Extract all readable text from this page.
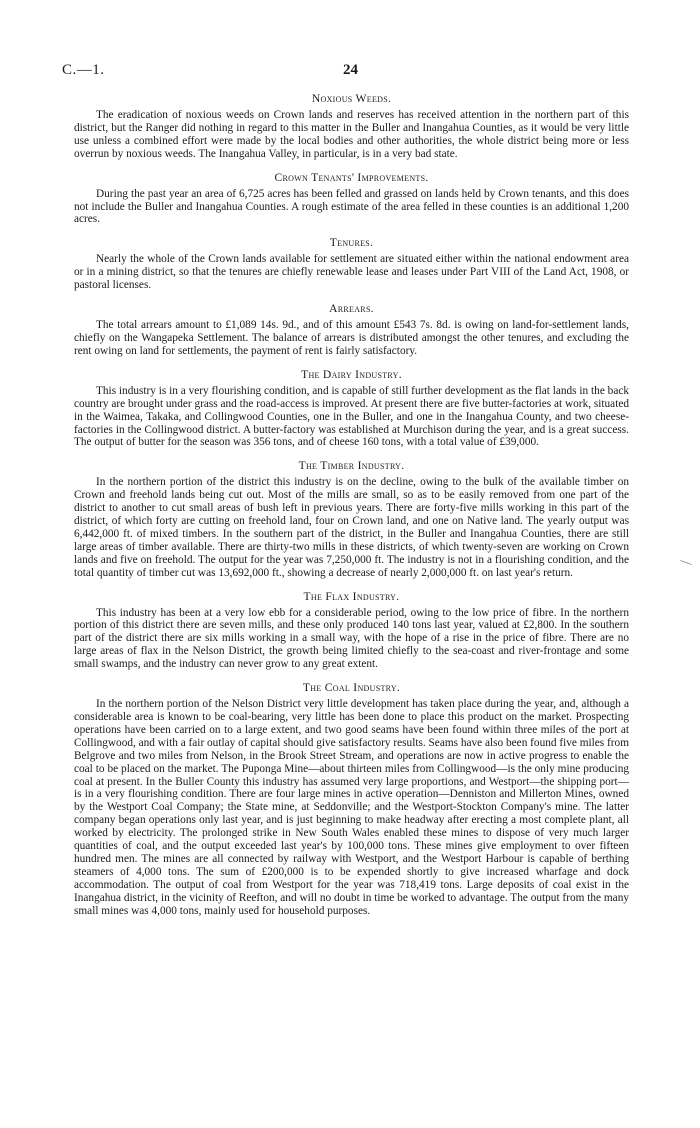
C.—1.	24
Noxious Weeds.

The eradication of noxious weeds on Crown lands and reserves has received attention in the northern part of this district, but the Ranger did nothing in regard to this matter in the Buller and Inangahua Counties, as it would be very little use unless a combined effort were made by the local bodies and other authorities, the whole district being more or less overrun by noxious weeds. The Inangahua Valley, in particular, is in a very bad state.

Crown Tenants' Improvements.

During the past year an area of 6,725 acres has been felled and grassed on lands held by Crown tenants, and this does not include the Buller and Inangahua Counties. A rough estimate of the area felled in these counties is an additional 1,200 acres.

Tenures.

Nearly the whole of the Crown lands available for settlement are situated either within the national endowment area or in a mining district, so that the tenures are chiefly renewable lease and leases under Part VIII of the Land Act, 1908, or pastoral licenses.

Arrears.

The total arrears amount to £1,089 14s. 9d., and of this amount £543 7s. 8d. is owing on land-for-settlement lands, chiefly on the Wangapeka Settlement. The balance of arrears is distributed amongst the other tenures, and excluding the rent owing on land for settlements, the payment of rent is fairly satisfactory.

The Dairy Industry.

This industry is in a very flourishing condition, and is capable of still further development as the flat lands in the back country are brought under grass and the road-access is improved. At present there are five butter-factories at work, situated in the Waimea, Takaka, and Collingwood Counties, one in the Buller, and one in the Inangahua County, and two cheese-factories in the Collingwood district. A butter-factory was established at Murchison during the year, and is a great success. The output of butter for the season was 356 tons, and of cheese 160 tons, with a total value of £39,000.

The Timber Industry.

In the northern portion of the district this industry is on the decline, owing to the bulk of the available timber on Crown and freehold lands being cut out. Most of the mills are small, so as to be easily removed from one part of the district to another to cut small areas of bush left in previous years. There are forty-five mills working in this part of the district, of which forty are cutting on freehold land, four on Crown land, and one on Native land. The yearly output was 6,442,000 ft. of mixed timbers. In the southern part of the district, in the Buller and Inangahua Counties, there are still large areas of timber available. There are thirty-two mills in these districts, of which twenty-seven are working on Crown lands and five on freehold. The output for the year was 7,250,000 ft. The industry is not in a flourishing condition, and the total quantity of timber cut was 13,692,000 ft., showing a decrease of nearly 2,000,000 ft. on last year's return.

The Flax Industry.

This industry has been at a very low ebb for a considerable period, owing to the low price of fibre. In the northern portion of this district there are seven mills, and these only produced 140 tons last year, valued at £2,800. In the southern part of the district there are six mills working in a small way, with the hope of a rise in the price of fibre. There are no large areas of flax in the Nelson District, the growth being limited chiefly to the sea-coast and river-frontage and some small swamps, and the industry can never grow to any great extent.

The Coal Industry.

In the northern portion of the Nelson District very little development has taken place during the year, and, although a considerable area is known to be coal-bearing, very little has been done to place this product on the market. Prospecting operations have been carried on to a large extent, and two good seams have been found within three miles of the port at Collingwood, and with a fair outlay of capital should give satisfactory results. Seams have also been found five miles from Belgrove and two miles from Nelson, in the Brook Street Stream, and operations are now in active progress to enable the coal to be placed on the market. The Puponga Mine—about thirteen miles from Collingwood—is the only mine producing coal at present. In the Buller County this industry has assumed very large proportions, and Westport—the shipping port—is in a very flourishing condition. There are four large mines in active operation—Denniston and Millerton Mines, owned by the Westport Coal Company; the State mine, at Seddonville; and the Westport-Stockton Company's mine. The latter company began operations only last year, and is just beginning to make headway after erecting a most complete plant, all worked by electricity. The prolonged strike in New South Wales enabled these mines to dispose of very much larger quantities of coal, and the output exceeded last year's by 100,000 tons. These mines give employment to over fifteen hundred men. The mines are all connected by railway with Westport, and the Westport Harbour is capable of berthing steamers of 4,000 tons. The sum of £200,000 is to be expended shortly to give increased wharfage and dock accommodation. The output of coal from Westport for the year was 718,419 tons. Large deposits of coal exist in the Inangahua district, in the vicinity of Reefton, and will no doubt in time be worked to advantage. The output from the many small mines was 4,000 tons, mainly used for household purposes.
